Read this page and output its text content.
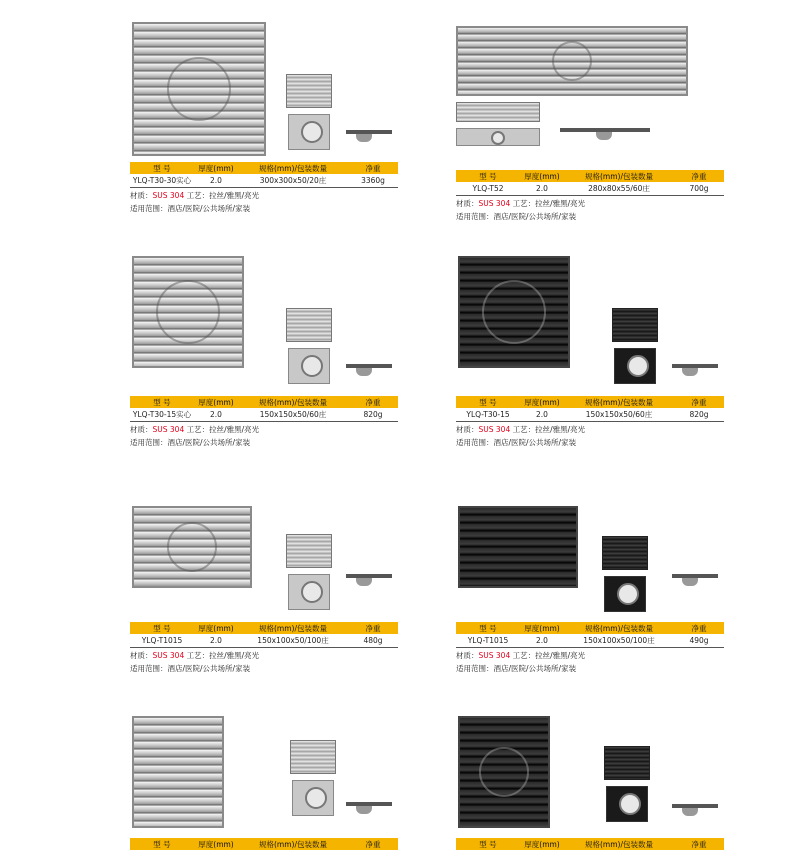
型 号	厚度(mm)	规格(mm)/包装数量	净重
YLQ-T30-30实心	2.0	300x300x50/20庄	3360g
材质：SUS 304 工艺：拉丝/雅黑/亮光
适用范围：酒店/医院/公共场所/家装
型 号	厚度(mm)	规格(mm)/包装数量	净重
YLQ-T52	2.0	280x80x55/60庄	700g
材质：SUS 304 工艺：拉丝/雅黑/亮光
适用范围：酒店/医院/公共场所/家装
型 号	厚度(mm)	规格(mm)/包装数量	净重
YLQ-T30-15实心	2.0	150x150x50/60庄	820g
材质：SUS 304 工艺：拉丝/雅黑/亮光
适用范围：酒店/医院/公共场所/家装
型 号	厚度(mm)	规格(mm)/包装数量	净重
YLQ-T30-15	2.0	150x150x50/60庄	820g
材质：SUS 304 工艺：拉丝/雅黑/亮光
适用范围：酒店/医院/公共场所/家装
型 号	厚度(mm)	规格(mm)/包装数量	净重
YLQ-T1015	2.0	150x100x50/100庄	480g
材质：SUS 304 工艺：拉丝/雅黑/亮光
适用范围：酒店/医院/公共场所/家装
型 号	厚度(mm)	规格(mm)/包装数量	净重
YLQ-T1015	2.0	150x100x50/100庄	490g
材质：SUS 304 工艺：拉丝/雅黑/亮光
适用范围：酒店/医院/公共场所/家装
型 号	厚度(mm)	规格(mm)/包装数量	净重	型 号	厚度(mm)	规格(mm)/包装数量	净重
